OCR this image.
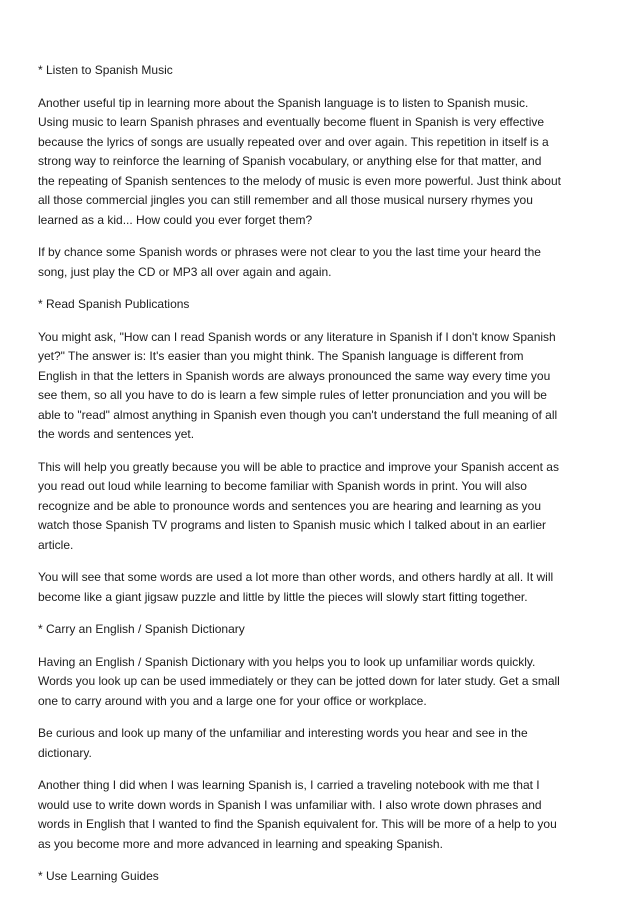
* Listen to Spanish Music

Another useful tip in learning more about the Spanish language is to listen to Spanish music.
Using music to learn Spanish phrases and eventually become fluent in Spanish is very effective
because the lyrics of songs are usually repeated over and over again. This repetition in itself is a
strong way to reinforce the learning of Spanish vocabulary, or anything else for that matter, and
the repeating of Spanish sentences to the melody of music is even more powerful. Just think about
all those commercial jingles you can still remember and all those musical nursery rhymes you
learned as a kid... How could you ever forget them?

If by chance some Spanish words or phrases were not clear to you the last time your heard the
song, just play the CD or MP3 all over again and again.

* Read Spanish Publications

You might ask, "How can I read Spanish words or any literature in Spanish if I don't know Spanish
yet?" The answer is: It's easier than you might think. The Spanish language is different from
English in that the letters in Spanish words are always pronounced the same way every time you
see them, so all you have to do is learn a few simple rules of letter pronunciation and you will be
able to "read" almost anything in Spanish even though you can't understand the full meaning of all
the words and sentences yet.

This will help you greatly because you will be able to practice and improve your Spanish accent as
you read out loud while learning to become familiar with Spanish words in print. You will also
recognize and be able to pronounce words and sentences you are hearing and learning as you
watch those Spanish TV programs and listen to Spanish music which I talked about in an earlier
article.

You will see that some words are used a lot more than other words, and others hardly at all. It will
become like a giant jigsaw puzzle and little by little the pieces will slowly start fitting together.

* Carry an English / Spanish Dictionary

Having an English / Spanish Dictionary with you helps you to look up unfamiliar words quickly.
Words you look up can be used immediately or they can be jotted down for later study. Get a small
one to carry around with you and a large one for your office or workplace.

Be curious and look up many of the unfamiliar and interesting words you hear and see in the
dictionary.

Another thing I did when I was learning Spanish is, I carried a traveling notebook with me that I
would use to write down words in Spanish I was unfamiliar with. I also wrote down phrases and
words in English that I wanted to find the Spanish equivalent for. This will be more of a help to you
as you become more and more advanced in learning and speaking Spanish.

* Use Learning Guides
